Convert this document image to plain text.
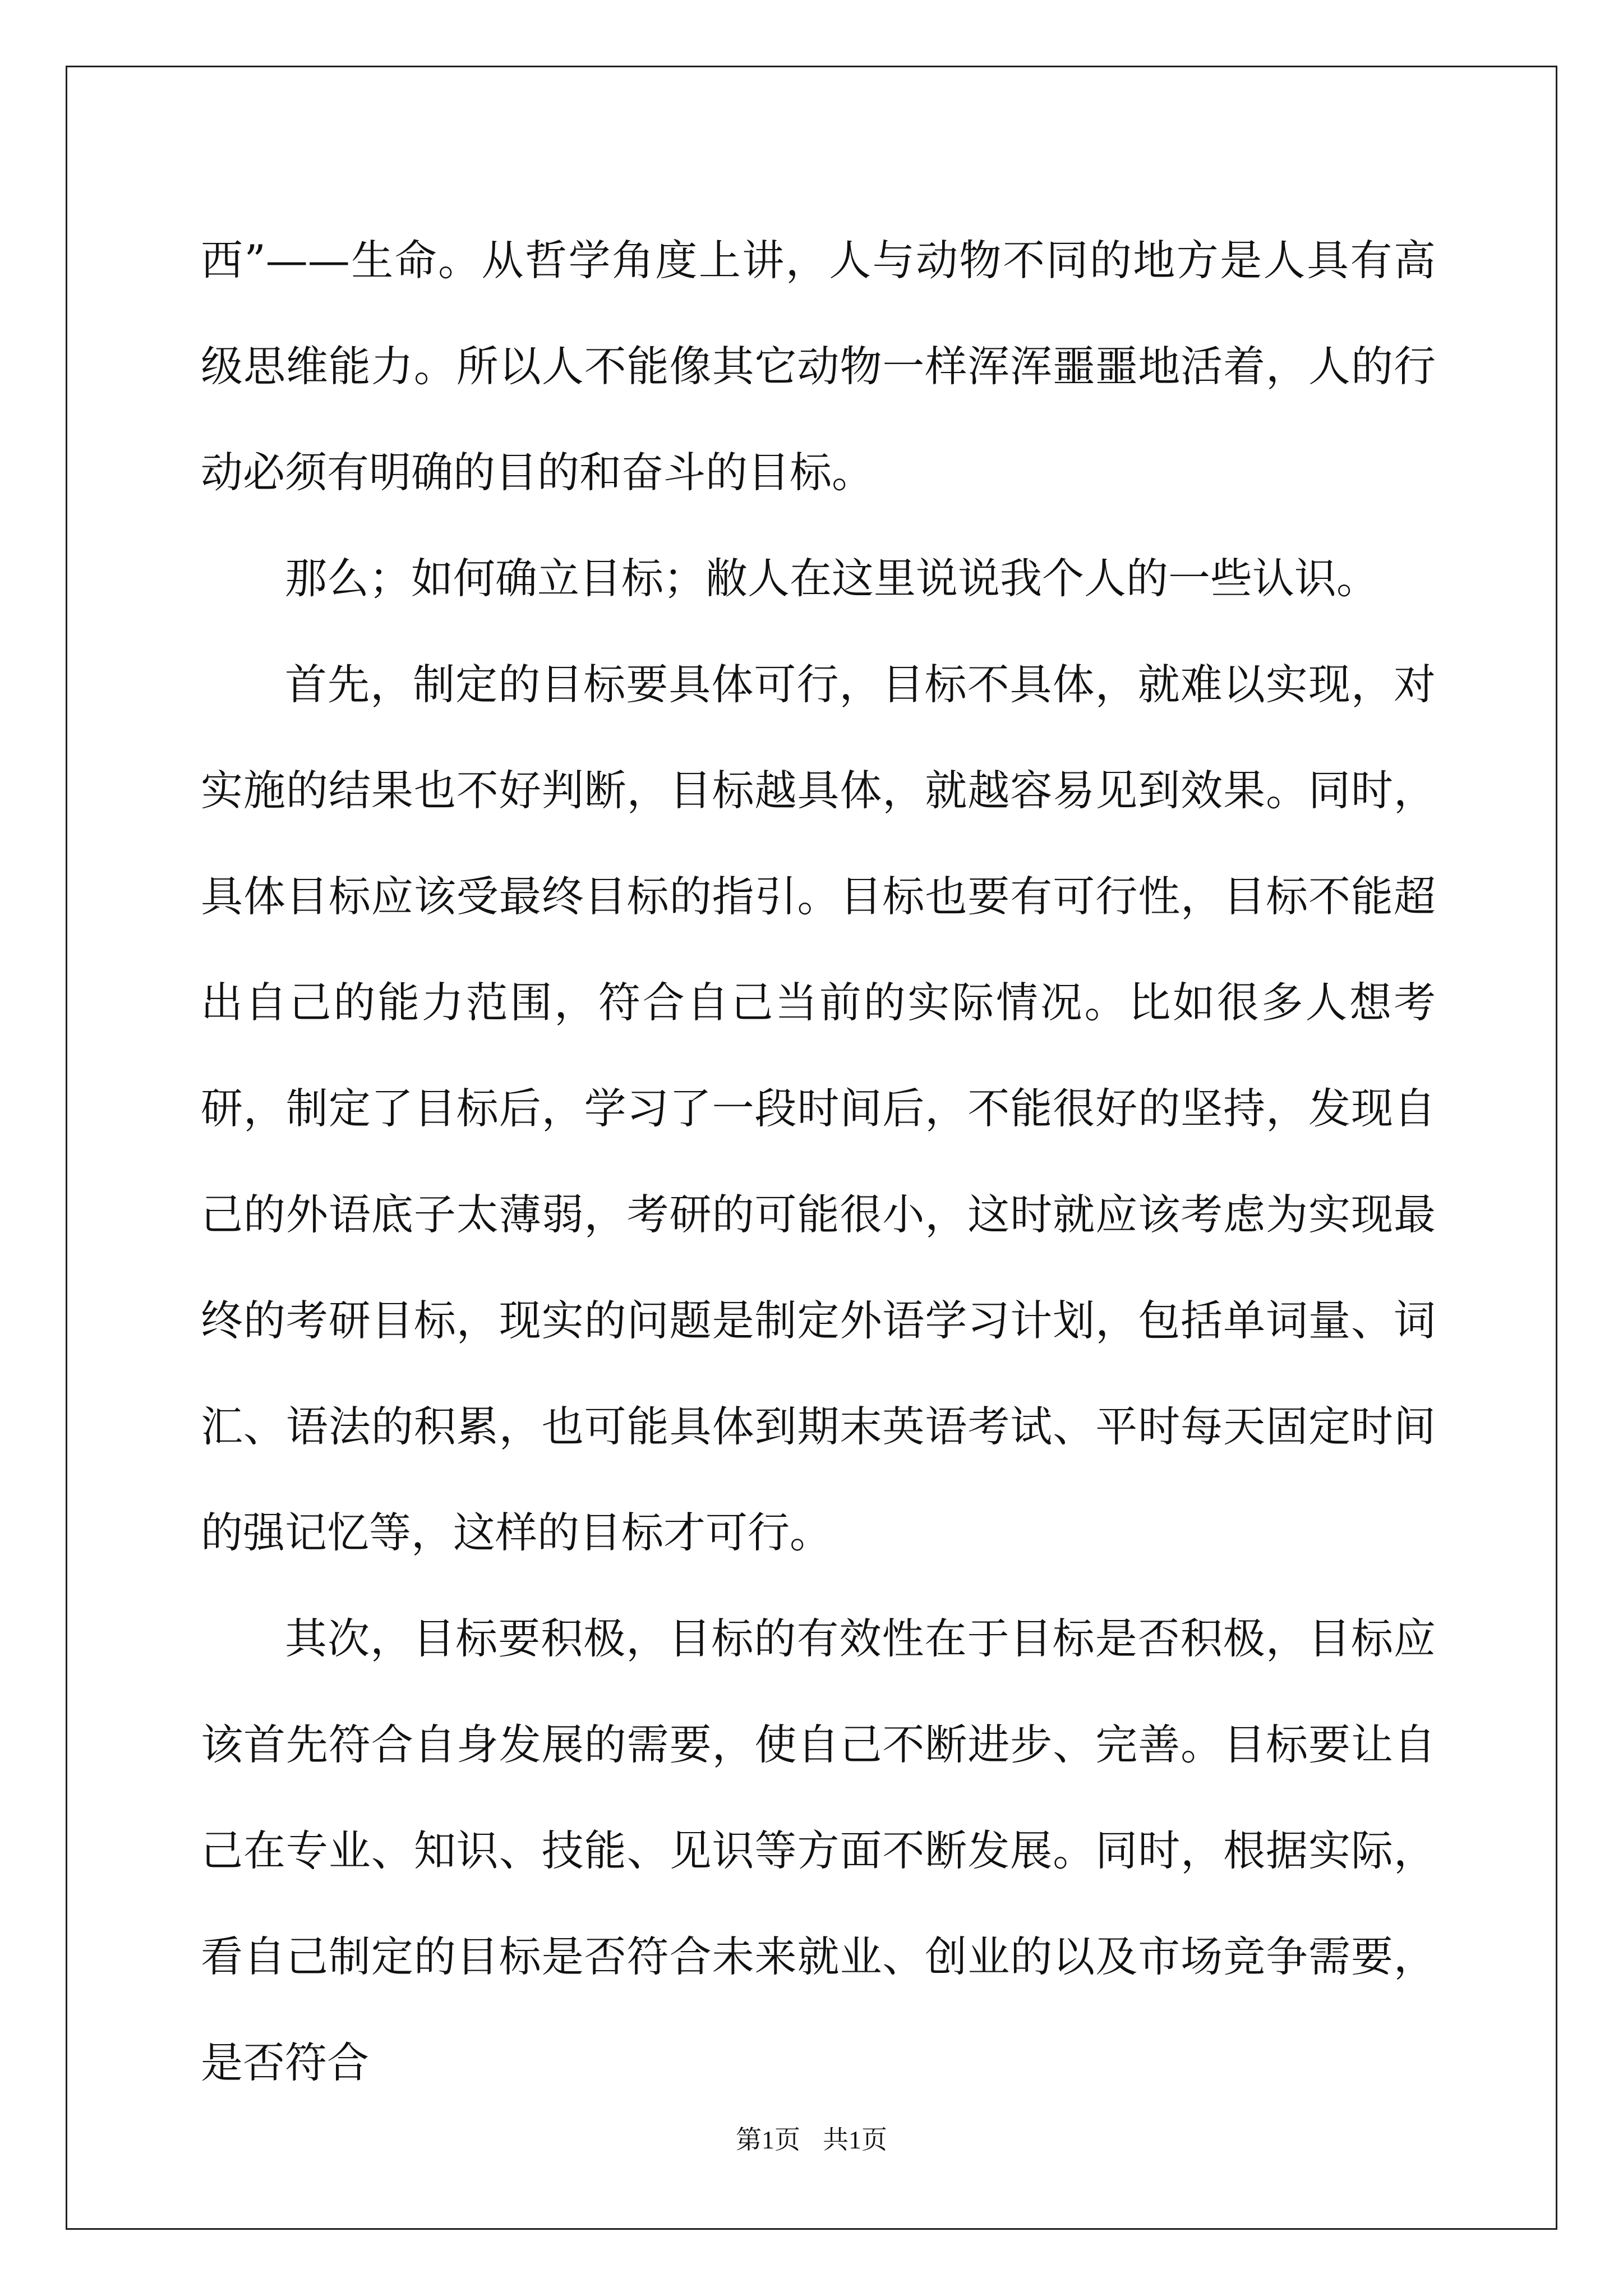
西”——生命。从哲学角度上讲，人与动物不同的地方是人具有高级思维能力。所以人不能像其它动物一样浑浑噩噩地活着，人的行动必须有明确的目的和奋斗的目标。

那么；如何确立目标；敝人在这里说说我个人的一些认识。

首先，制定的目标要具体可行，目标不具体，就难以实现，对实施的结果也不好判断，目标越具体，就越容易见到效果。同时，具体目标应该受最终目标的指引。目标也要有可行性，目标不能超出自己的能力范围，符合自己当前的实际情况。比如很多人想考研，制定了目标后，学习了一段时间后，不能很好的坚持，发现自己的外语底子太薄弱，考研的可能很小，这时就应该考虑为实现最终的考研目标，现实的问题是制定外语学习计划，包括单词量、词汇、语法的积累，也可能具体到期末英语考试、平时每天固定时间的强记忆等，这样的目标才可行。

其次，目标要积极，目标的有效性在于目标是否积极，目标应该首先符合自身发展的需要，使自己不断进步、完善。目标要让自己在专业、知识、技能、见识等方面不断发展。同时，根据实际，看自己制定的目标是否符合未来就业、创业的以及市场竞争需要，是否符合

第1页 共1页
